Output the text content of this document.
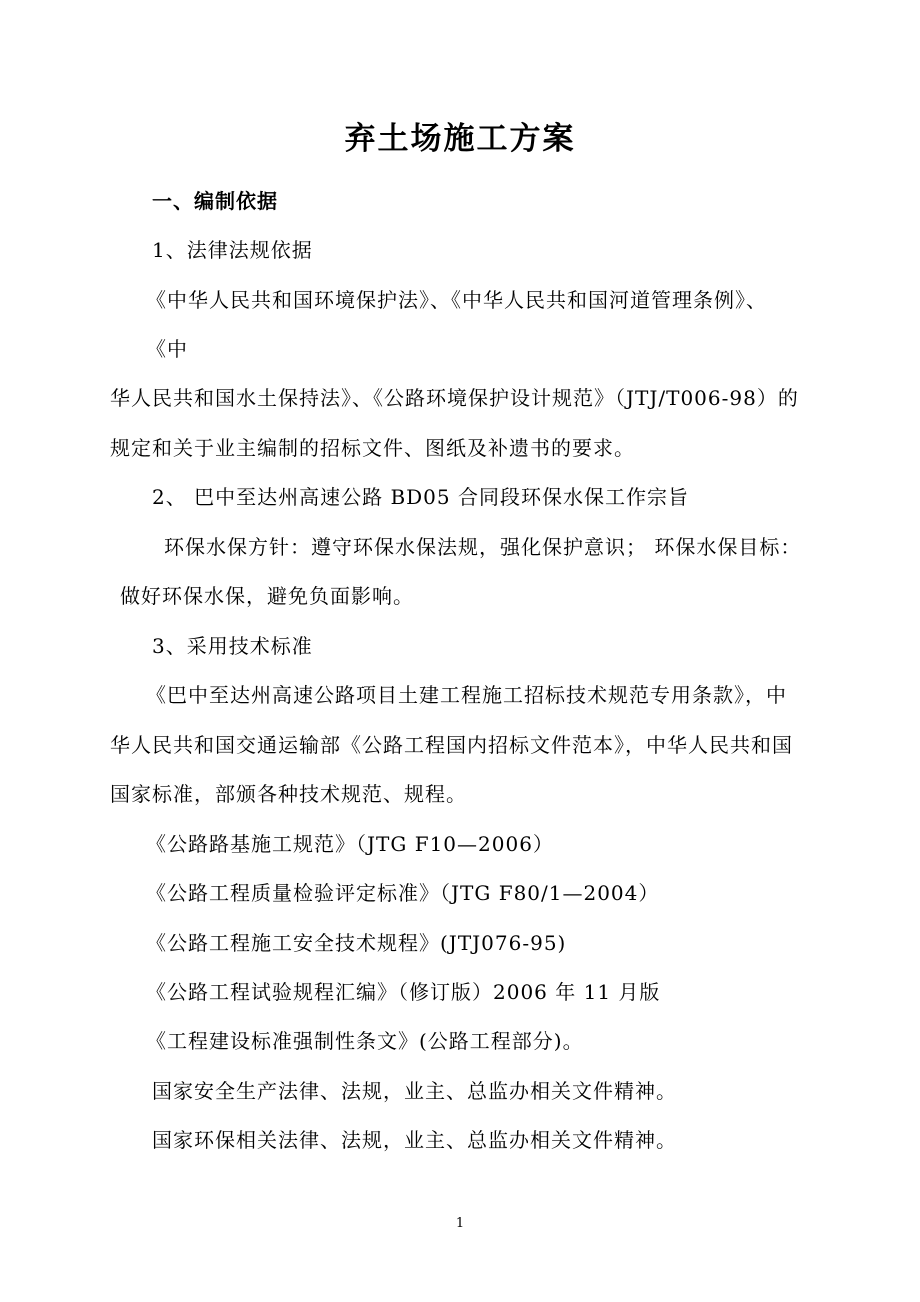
弃土场施工方案
一、编制依据
1、法律法规依据
《中华人民共和国环境保护法》、《中华人民共和国河道管理条例》、
《中
华人民共和国水土保持法》、《公路环境保护设计规范》（JTJ/T006-98）的
规定和关于业主编制的招标文件、图纸及补遗书的要求。
2、 巴中至达州高速公路 BD05 合同段环保水保工作宗旨
环保水保方针：遵守环保水保法规，强化保护意识； 环保水保目标：
做好环保水保，避免负面影响。
3、采用技术标准
《巴中至达州高速公路项目土建工程施工招标技术规范专用条款》，中
华人民共和国交通运输部《公路工程国内招标文件范本》，中华人民共和国
国家标准，部颁各种技术规范、规程。
《公路路基施工规范》（JTG F10—2006）
《公路工程质量检验评定标准》（JTG F80/1—2004）
《公路工程施工安全技术规程》(JTJ076-95)
《公路工程试验规程汇编》（修订版）2006 年 11 月版
《工程建设标准强制性条文》(公路工程部分)。
国家安全生产法律、法规，业主、总监办相关文件精神。
国家环保相关法律、法规，业主、总监办相关文件精神。
1
